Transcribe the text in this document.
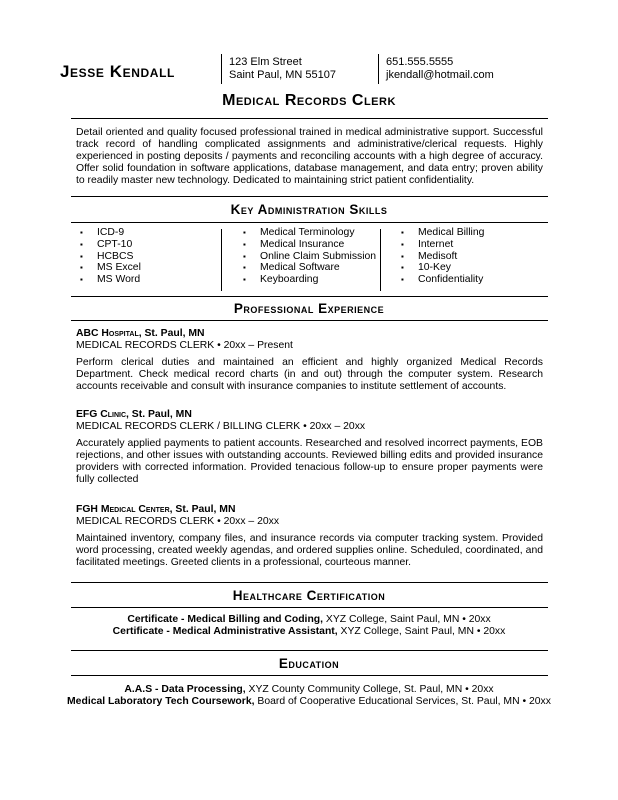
Jesse Kendall	123 Elm Street
Saint Paul, MN 55107
651.555.5555
jkendall@hotmail.com
Medical Records Clerk
Detail oriented and quality focused professional trained in medical administrative support. Successful track record of handling complicated assignments and administrative/clerical requests. Highly experienced in posting deposits / payments and reconciling accounts with a high degree of accuracy. Offer solid foundation in software applications, database management, and data entry; proven ability to readily master new technology. Dedicated to maintaining strict patient confidentiality.
Key Administration Skills
▪	ICD-9
▪	CPT-10
▪	HCBCS
▪	MS Excel
▪	MS Word
▪	Medical Terminology
▪	Medical Insurance
▪	Online Claim Submission
▪	Medical Software
▪	Keyboarding
▪	Medical Billing
▪	Internet
▪	Medisoft
▪	10-Key
▪	Confidentiality
Professional Experience
ABC Hospital, St. Paul, MN
MEDICAL RECORDS CLERK • 20xx – Present
Perform clerical duties and maintained an efficient and highly organized Medical Records Department. Check medical record charts (in and out) through the computer system. Research accounts receivable and consult with insurance companies to institute settlement of accounts.
EFG Clinic, St. Paul, MN
MEDICAL RECORDS CLERK / BILLING CLERK • 20xx – 20xx
Accurately applied payments to patient accounts. Researched and resolved incorrect payments, EOB rejections, and other issues with outstanding accounts. Reviewed billing edits and provided insurance providers with corrected information. Provided tenacious follow-up to ensure proper payments were fully collected
FGH Medical Center, St. Paul, MN
MEDICAL RECORDS CLERK • 20xx – 20xx
Maintained inventory, company files, and insurance records via computer tracking system. Provided word processing, created weekly agendas, and ordered supplies online. Scheduled, coordinated, and facilitated meetings. Greeted clients in a professional, courteous manner.
Healthcare Certification
Certificate - Medical Billing and Coding, XYZ College, Saint Paul, MN • 20xx
Certificate - Medical Administrative Assistant, XYZ College, Saint Paul, MN • 20xx
Education
A.A.S - Data Processing, XYZ County Community College, St. Paul, MN • 20xx
Medical Laboratory Tech Coursework, Board of Cooperative Educational Services, St. Paul, MN • 20xx
